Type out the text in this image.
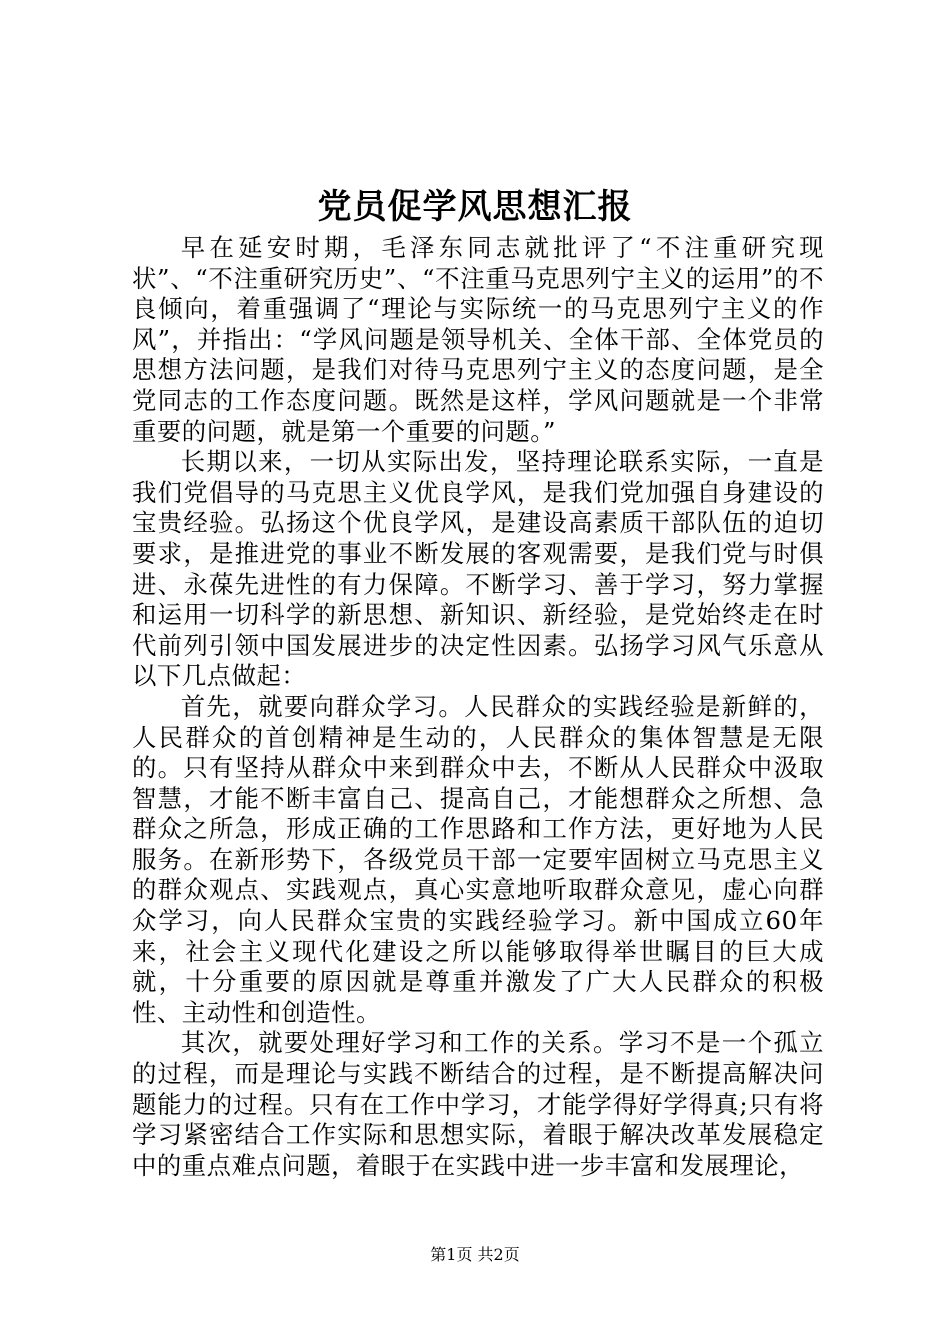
党员促学风思想汇报

早在延安时期，毛泽东同志就批评了“不注重研究现状”、“不注重研究历史”、“不注重马克思列宁主义的运用”的不良倾向，着重强调了“理论与实际统一的马克思列宁主义的作风”，并指出：“学风问题是领导机关、全体干部、全体党员的思想方法问题，是我们对待马克思列宁主义的态度问题，是全党同志的工作态度问题。既然是这样，学风问题就是一个非常重要的问题，就是第一个重要的问题。”

长期以来，一切从实际出发，坚持理论联系实际，一直是我们党倡导的马克思主义优良学风，是我们党加强自身建设的宝贵经验。弘扬这个优良学风，是建设高素质干部队伍的迫切要求，是推进党的事业不断发展的客观需要，是我们党与时俱进、永葆先进性的有力保障。不断学习、善于学习，努力掌握和运用一切科学的新思想、新知识、新经验，是党始终走在时代前列引领中国发展进步的决定性因素。弘扬学习风气乐意从以下几点做起：

首先，就要向群众学习。人民群众的实践经验是新鲜的，人民群众的首创精神是生动的，人民群众的集体智慧是无限的。只有坚持从群众中来到群众中去，不断从人民群众中汲取智慧，才能不断丰富自己、提高自己，才能想群众之所想、急群众之所急，形成正确的工作思路和工作方法，更好地为人民服务。在新形势下，各级党员干部一定要牢固树立马克思主义的群众观点、实践观点，真心实意地听取群众意见，虚心向群众学习，向人民群众宝贵的实践经验学习。新中国成立60年来，社会主义现代化建设之所以能够取得举世瞩目的巨大成就，十分重要的原因就是尊重并激发了广大人民群众的积极性、主动性和创造性。

其次，就要处理好学习和工作的关系。学习不是一个孤立的过程，而是理论与实践不断结合的过程，是不断提高解决问题能力的过程。只有在工作中学习，才能学得好学得真;只有将学习紧密结合工作实际和思想实际，着眼于解决改革发展稳定中的重点难点问题，着眼于在实践中进一步丰富和发展理论，

第1页 共2页
